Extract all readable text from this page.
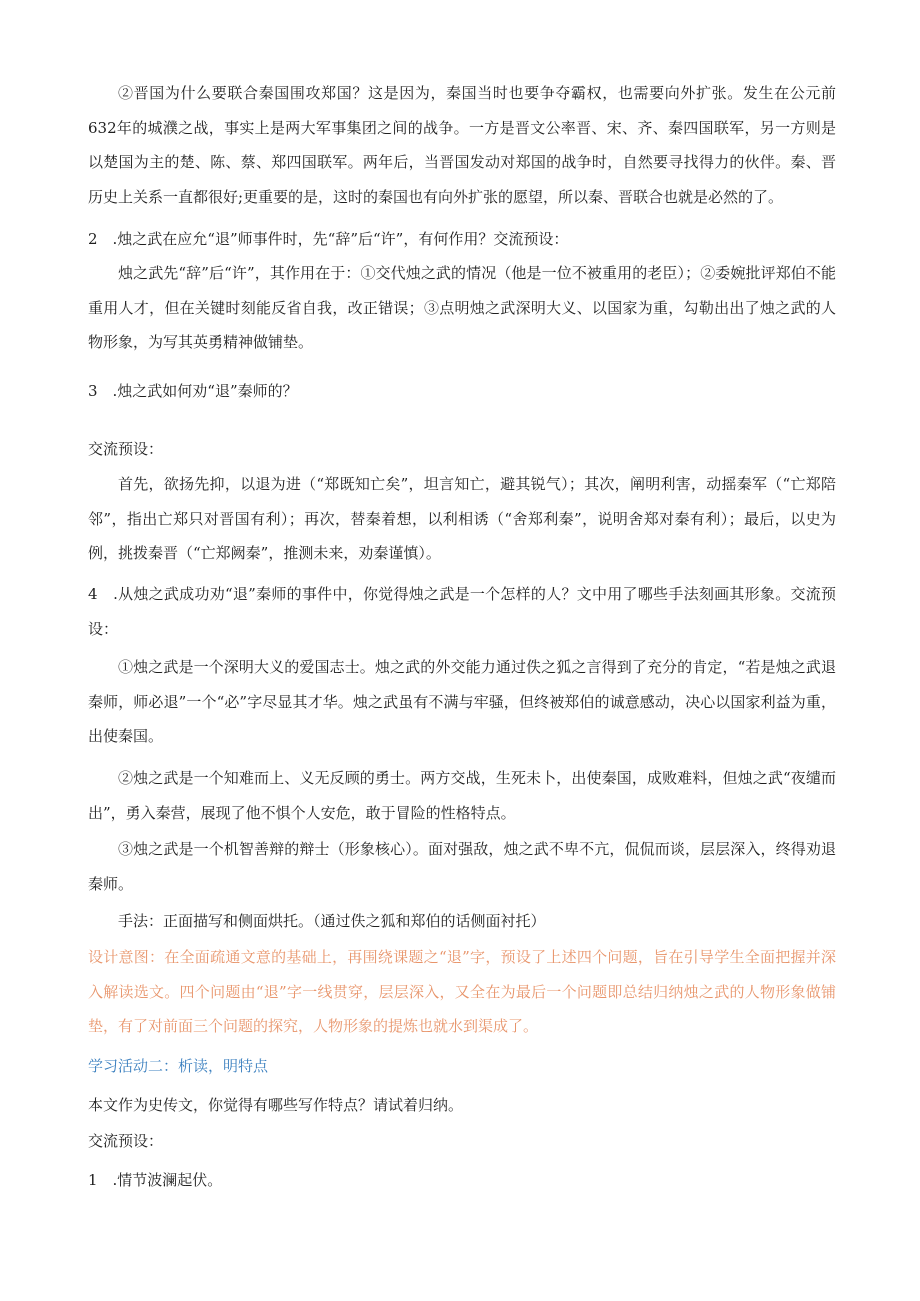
②晋国为什么要联合秦国围攻郑国？这是因为，秦国当时也要争夺霸权，也需要向外扩张。发生在公元前632年的城濮之战，事实上是两大军事集团之间的战争。一方是晋文公率晋、宋、齐、秦四国联军，另一方则是以楚国为主的楚、陈、蔡、郑四国联军。两年后，当晋国发动对郑国的战争时，自然要寻找得力的伙伴。秦、晋历史上关系一直都很好;更重要的是，这时的秦国也有向外扩张的愿望，所以秦、晋联合也就是必然的了。

2　.烛之武在应允“退”师事件时，先“辞”后“许”，有何作用？交流预设：

烛之武先“辞”后“许”，其作用在于：①交代烛之武的情况（他是一位不被重用的老臣）；②委婉批评郑伯不能重用人才，但在关键时刻能反省自我，改正错误；③点明烛之武深明大义、以国家为重，勾勒出出了烛之武的人物形象，为写其英勇精神做铺垫。

3　.烛之武如何劝“退”秦师的？

交流预设：

首先，欲扬先抑，以退为进（“郑既知亡矣”，坦言知亡，避其锐气）；其次，阐明利害，动摇秦军（“亡郑陪邻”，指出亡郑只对晋国有利）；再次，替秦着想，以利相诱（“舍郑利秦”，说明舍郑对秦有利）；最后，以史为例，挑拨秦晋（“亡郑阙秦”，推测未来，劝秦谨慎）。

4　.从烛之武成功劝“退”秦师的事件中，你觉得烛之武是一个怎样的人？文中用了哪些手法刻画其形象。交流预设：

①烛之武是一个深明大义的爱国志士。烛之武的外交能力通过佚之狐之言得到了充分的肯定，“若是烛之武退秦师，师必退”一个“必”字尽显其才华。烛之武虽有不满与牢骚，但终被郑伯的诚意感动，决心以国家利益为重，出使秦国。

②烛之武是一个知难而上、义无反顾的勇士。两方交战，生死未卜，出使秦国，成败难料，但烛之武“夜缱而出”，勇入秦营，展现了他不惧个人安危，敢于冒险的性格特点。

③烛之武是一个机智善辩的辩士（形象核心）。面对强敌，烛之武不卑不亢，侃侃而谈，层层深入，终得劝退秦师。

手法：正面描写和侧面烘托。（通过佚之狐和郑伯的话侧面衬托）

设计意图：在全面疏通文意的基础上，再围绕课题之“退”字，预设了上述四个问题，旨在引导学生全面把握并深入解读选文。四个问题由“退”字一线贯穿，层层深入，又全在为最后一个问题即总结归纳烛之武的人物形象做铺垫，有了对前面三个问题的探究，人物形象的提炼也就水到渠成了。

学习活动二：析读，明特点

本文作为史传文，你觉得有哪些写作特点？请试着归纳。

交流预设：

1　.情节波澜起伏。
